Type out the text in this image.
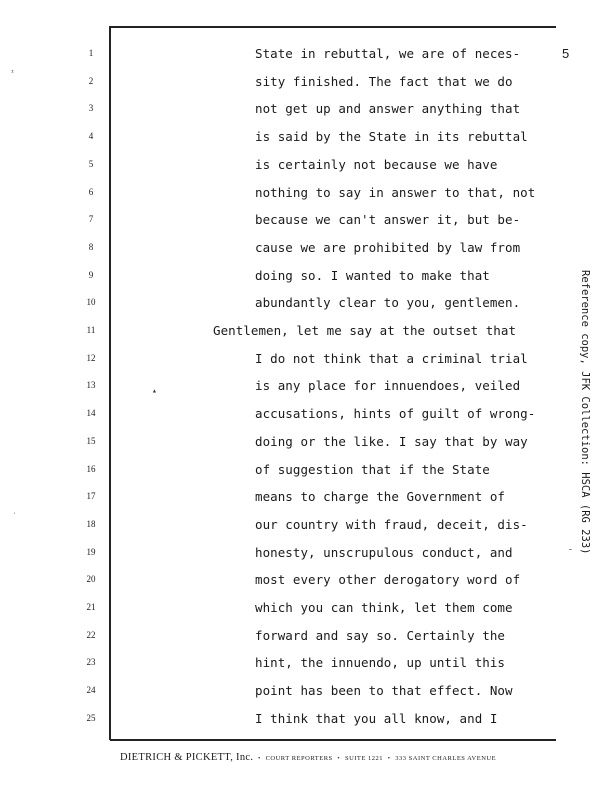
5
1
2
3
4
5
6
7
8
9
10
11
12
13
14
15
16
17
18
19
20
21
22
23
24
25
State in rebuttal, we are of neces-
sity finished. The fact that we do
not get up and answer anything that
is said by the State in its rebuttal
is certainly not because we have
nothing to say in answer to that, not
because we can't answer it, but be-
cause we are prohibited by law from
doing so. I wanted to make that
abundantly clear to you, gentlemen.
Gentlemen, let me say at the outset that
I do not think that a criminal trial
is any place for innuendoes, veiled
accusations, hints of guilt of wrong-
doing or the like. I say that by way
of suggestion that if the State
means to charge the Government of
our country with fraud, deceit, dis-
honesty, unscrupulous conduct, and
most every other derogatory word of
which you can think, let them come
forward and say so. Certainly the
hint, the innuendo, up until this
point has been to that effect. Now
I think that you all know, and I
Reference copy, JFK Collection: HSCA (RG 233)
DIETRICH & PICKETT, Inc. • COURT REPORTERS • SUITE 1221 • 333 SAINT CHARLES AVENUE
ᶦ
˙
▴
˜
